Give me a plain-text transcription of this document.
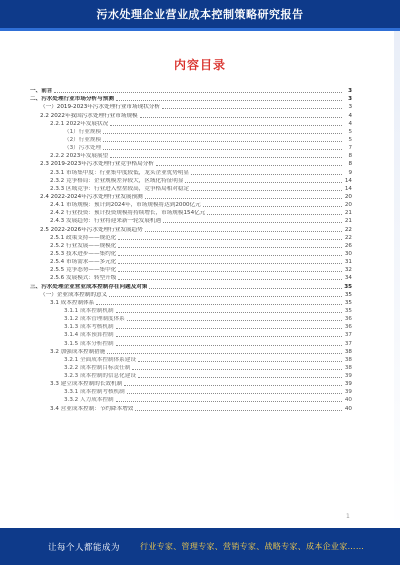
污水处理企业营业成本控制策略研究报告
内容目录
一、前言	3
二、污水处理行业市场分析与预测	3
（一）2019-2023年污水处理行业市场现状分析	3
2.2 2022年我国污水处理行业市场规模	4
2.2.1 2022年发展状况	4
（1）行业规模	5
（2）行业规模	5
（3）污水处理	7
2.2.2 2023年发展展望	8
2.3 2019-2023年污水处理行业竞争格局分析	8
2.3.1 市场集中度：行业集中度较低，龙头企业优势明显	9
2.3.2 竞争格局：企业规模差异较大，区域化特征明显	14
2.3.3 区域竞争：行业进入壁垒较高，竞争格局相对稳定	14
2.4 2022-2024年污水处理行业发展预测	20
2.4.1 市场规模：预计到2024年，市场规模将达到2000亿元	20
2.4.2 行业投资：预计投资规模将持续增长，市场规模154亿元	21
2.4.3 发展趋势：行业将迎来新一轮发展机遇	21
2.5 2022-2026年污水处理行业发展趋势	22
2.5.1 政策支持——规范化	22
2.5.2 行业发展——规模化	26
2.5.3 技术进步——集约化	30
2.5.4 市场需求——多元化	31
2.5.5 竞争态势——集中化	32
2.5.6 发展模式：转型升级	34
三、污水处理企业营业成本控制存在问题及对策	35
（一）企业成本控制的意义	35
3.1 成本控制体系	35
3.1.1 成本控制机制	35
3.1.2 成本管理制度体系	36
3.1.3 成本考核机制	36
3.1.4 成本预算控制	37
3.1.5 成本分析控制	37
3.2 加强成本控制措施	38
3.2.1 全面成本控制体系建设	38
3.2.2 成本控制目标责任制	38
3.2.3 成本控制的信息化建设	39
3.3 建立成本控制的长效机制	39
3.3.1 成本控制考核机制	39
3.3.2 人力成本控制	40
3.4 营业成本控制：节约降本增效	40
1
让每个人都能成为	行业专家、管理专家、营销专家、战略专家、成本企业家……
